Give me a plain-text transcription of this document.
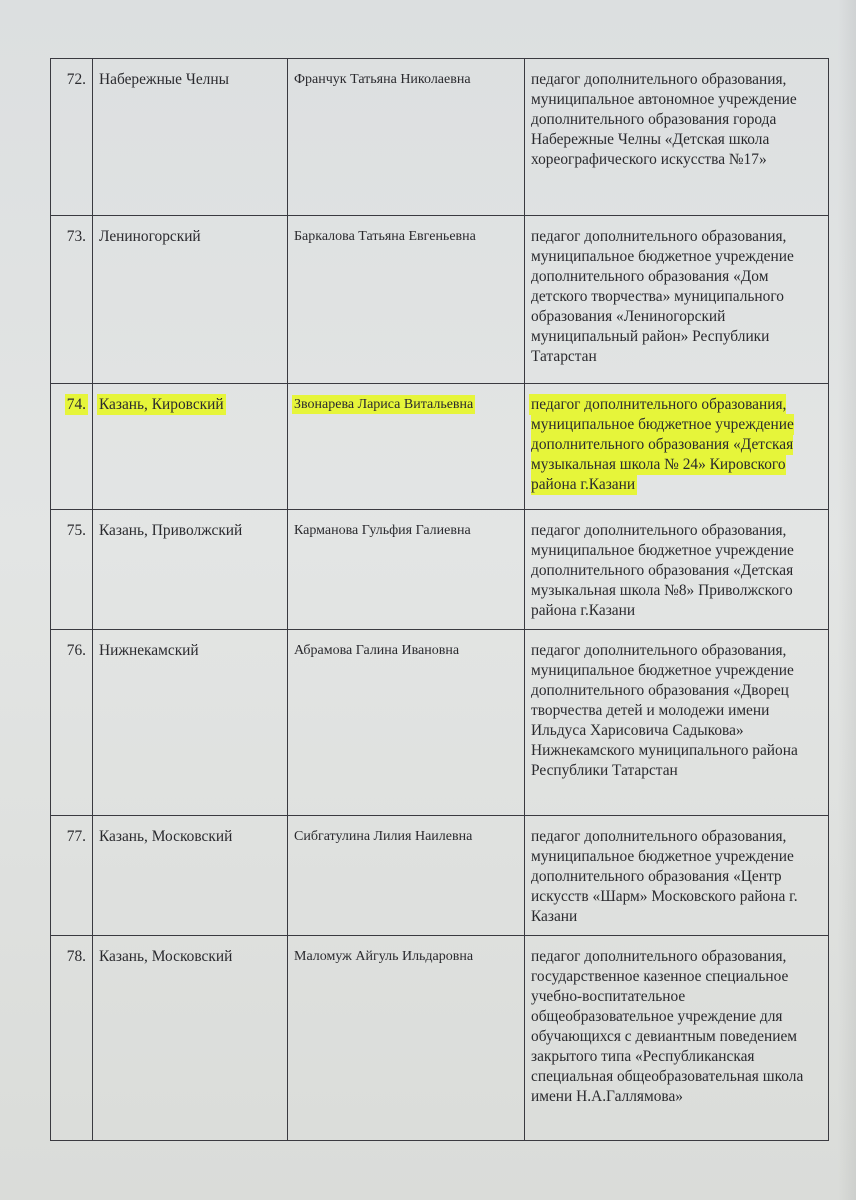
72.	Набережные Челны	Франчук Татьяна Николаевна	педагог дополнительного образования, муниципальное автономное учреждение дополнительного образования города Набережные Челны «Детская школа хореографического искусства №17»
73.	Лениногорский	Баркалова Татьяна Евгеньевна	педагог дополнительного образования, муниципальное бюджетное учреждение дополнительного образования «Дом детского творчества» муниципального образования «Лениногорский муниципальный район» Республики Татарстан
74.	Казань, Кировский	Звонарева Лариса Витальевна	педагог дополнительного образования, муниципальное бюджетное учреждение дополнительного образования «Детская музыкальная школа № 24» Кировского района г.Казани
75.	Казань, Приволжский	Карманова Гульфия Галиевна	педагог дополнительного образования, муниципальное бюджетное учреждение дополнительного образования «Детская музыкальная школа №8» Приволжского района г.Казани
76.	Нижнекамский	Абрамова Галина Ивановна	педагог дополнительного образования, муниципальное бюджетное учреждение дополнительного образования «Дворец творчества детей и молодежи имени Ильдуса Харисовича Садыкова» Нижнекамского муниципального района Республики Татарстан
77.	Казань, Московский	Сибгатулина Лилия Наилевна	педагог дополнительного образования, муниципальное бюджетное учреждение дополнительного образования «Центр искусств «Шарм» Московского района г. Казани
78.	Казань, Московский	Маломуж Айгуль Ильдаровна	педагог дополнительного образования, государственное казенное специальное учебно-воспитательное общеобразовательное учреждение для обучающихся с девиантным поведением закрытого типа «Республиканская специальная общеобразовательная школа имени Н.А.Галлямова»
